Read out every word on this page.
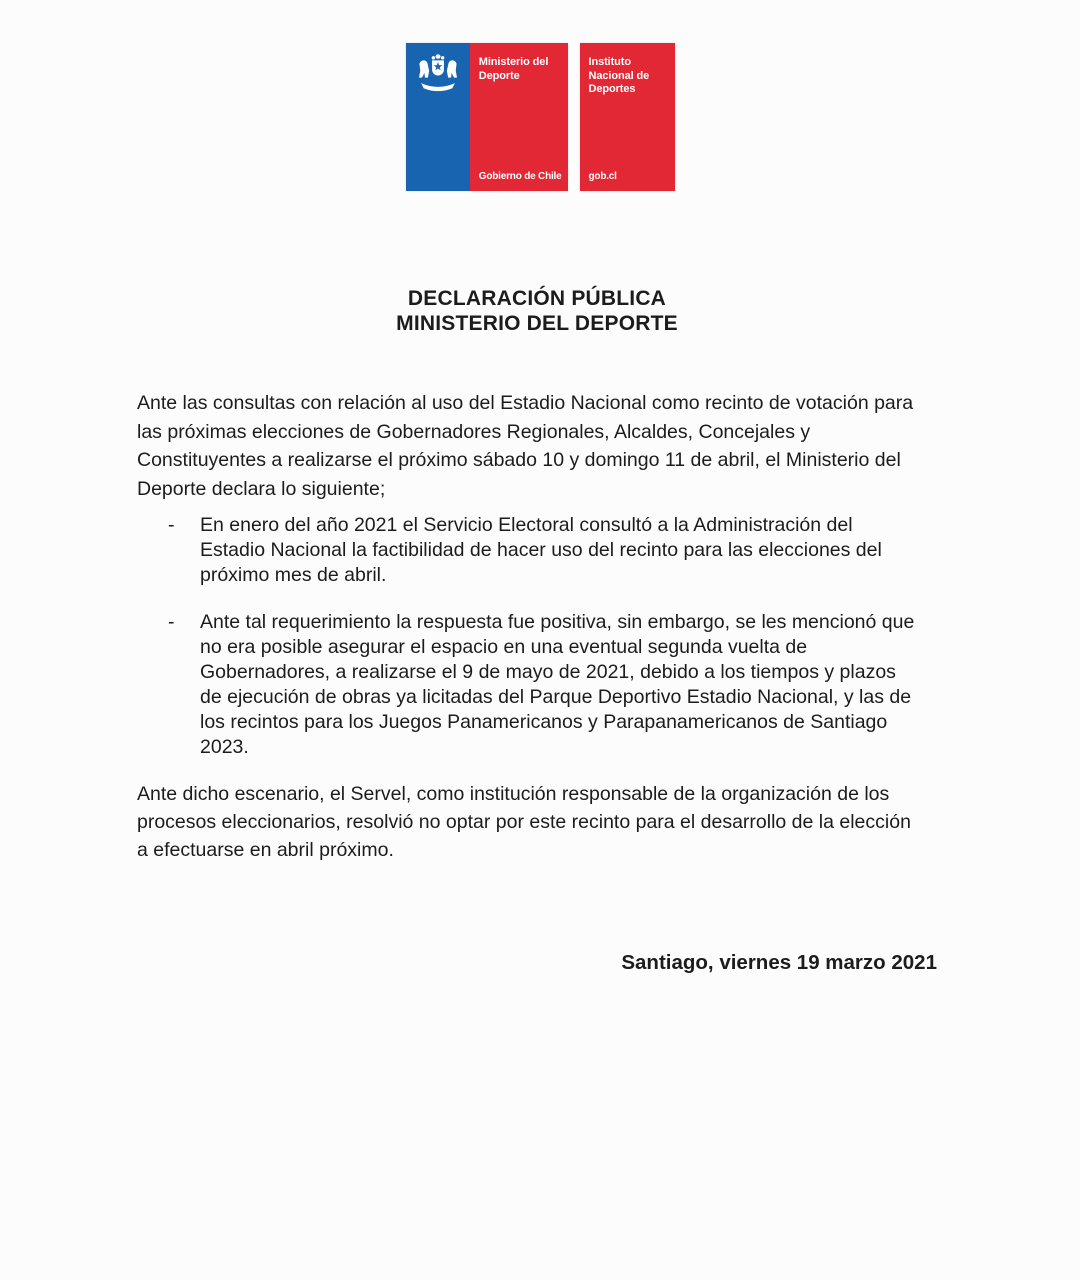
Ministerio del Deporte
Gobierno de Chile
Instituto Nacional de Deportes
gob.cl
DECLARACIÓN PÚBLICA
MINISTERIO DEL DEPORTE
Ante las consultas con relación al uso del Estadio Nacional como recinto de votación para
las próximas elecciones de Gobernadores Regionales, Alcaldes, Concejales y
Constituyentes a realizarse el próximo sábado 10 y domingo 11 de abril, el Ministerio del
Deporte declara lo siguiente;
-	En enero del año 2021 el Servicio Electoral consultó a la Administración del
Estadio Nacional la factibilidad de hacer uso del recinto para las elecciones del
próximo mes de abril.
-	Ante tal requerimiento la respuesta fue positiva, sin embargo, se les mencionó que
no era posible asegurar el espacio en una eventual segunda vuelta de
Gobernadores, a realizarse el 9 de mayo de 2021, debido a los tiempos y plazos
de ejecución de obras ya licitadas del Parque Deportivo Estadio Nacional, y las de
los recintos para los Juegos Panamericanos y Parapanamericanos de Santiago
2023.
Ante dicho escenario, el Servel, como institución responsable de la organización de los
procesos eleccionarios, resolvió no optar por este recinto para el desarrollo de la elección
a efectuarse en abril próximo.
Santiago, viernes 19 marzo 2021
